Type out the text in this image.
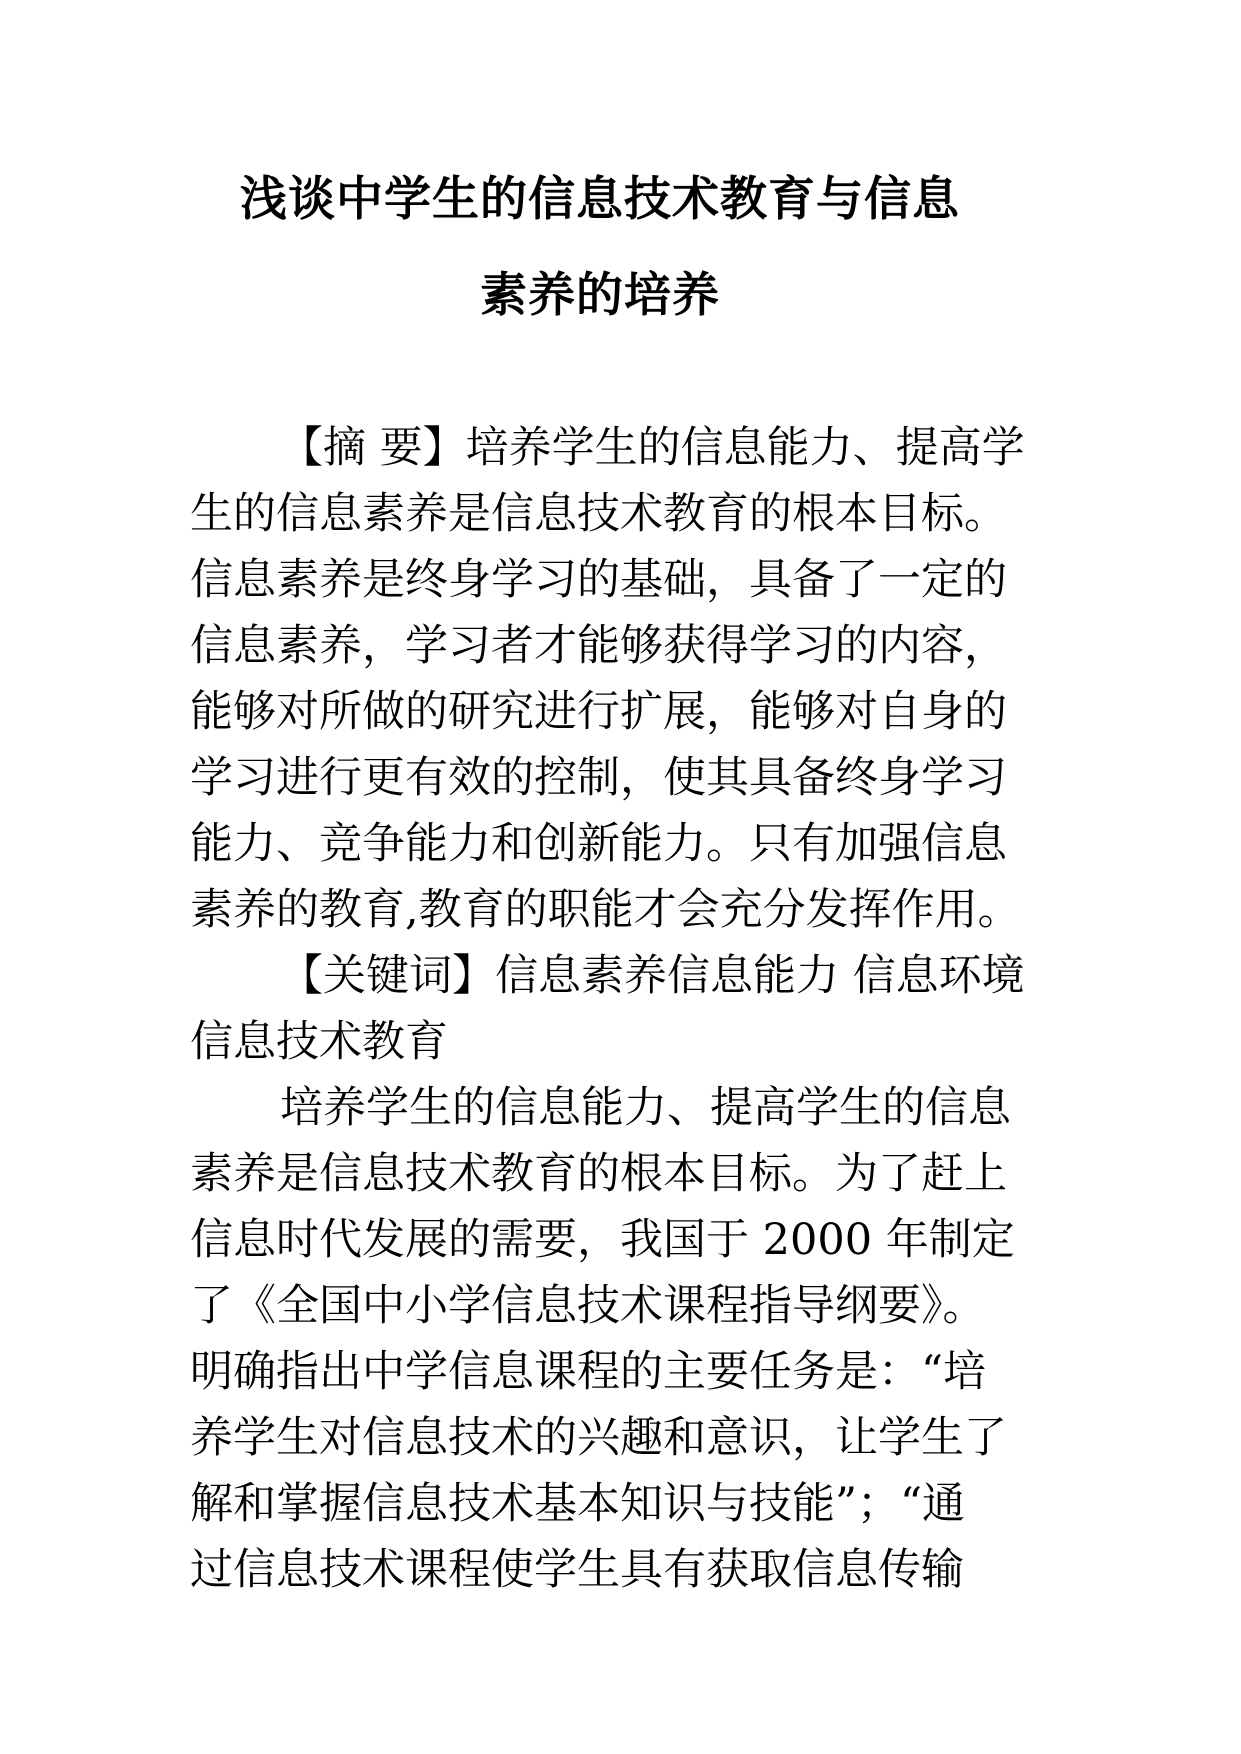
浅谈中学生的信息技术教育与信息
素养的培养
【摘 要】培养学生的信息能力、提高学
生的信息素养是信息技术教育的根本目标。
信息素养是终身学习的基础，具备了一定的
信息素养，学习者才能够获得学习的内容，
能够对所做的研究进行扩展，能够对自身的
学习进行更有效的控制，使其具备终身学习
能力、竞争能力和创新能力。只有加强信息
素养的教育,教育的职能才会充分发挥作用。
【关键词】信息素养信息能力 信息环境
信息技术教育
培养学生的信息能力、提高学生的信息
素养是信息技术教育的根本目标。为了赶上
信息时代发展的需要，我国于 2000 年制定
了《全国中小学信息技术课程指导纲要》。
明确指出中学信息课程的主要任务是：“培
养学生对信息技术的兴趣和意识，让学生了
解和掌握信息技术基本知识与技能”；“通
过信息技术课程使学生具有获取信息传输
